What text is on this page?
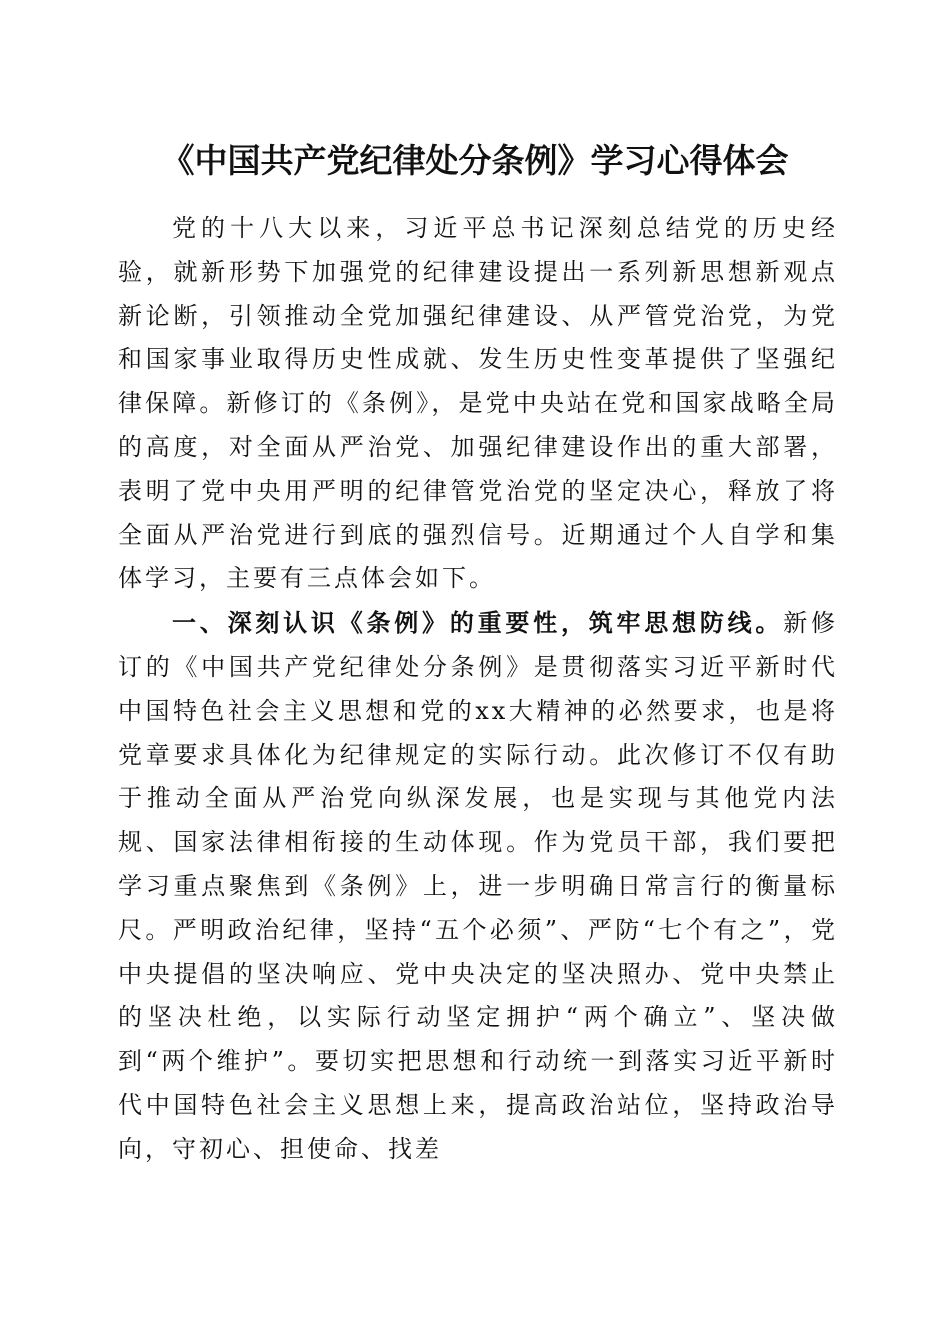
《中国共产党纪律处分条例》学习心得体会

党的十八大以来，习近平总书记深刻总结党的历史经验，就新形势下加强党的纪律建设提出一系列新思想新观点新论断，引领推动全党加强纪律建设、从严管党治党，为党和国家事业取得历史性成就、发生历史性变革提供了坚强纪律保障。新修订的《条例》，是党中央站在党和国家战略全局的高度，对全面从严治党、加强纪律建设作出的重大部署，表明了党中央用严明的纪律管党治党的坚定决心，释放了将全面从严治党进行到底的强烈信号。近期通过个人自学和集体学习，主要有三点体会如下。

一、深刻认识《条例》的重要性，筑牢思想防线。新修订的《中国共产党纪律处分条例》是贯彻落实习近平新时代中国特色社会主义思想和党的xx大精神的必然要求，也是将党章要求具体化为纪律规定的实际行动。此次修订不仅有助于推动全面从严治党向纵深发展，也是实现与其他党内法规、国家法律相衔接的生动体现。作为党员干部，我们要把学习重点聚焦到《条例》上，进一步明确日常言行的衡量标尺。严明政治纪律，坚持“五个必须”、严防“七个有之”，党中央提倡的坚决响应、党中央决定的坚决照办、党中央禁止的坚决杜绝，以实际行动坚定拥护“两个确立”、坚决做到“两个维护”。要切实把思想和行动统一到落实习近平新时代中国特色社会主义思想上来，提高政治站位，坚持政治导向，守初心、担使命、找差
